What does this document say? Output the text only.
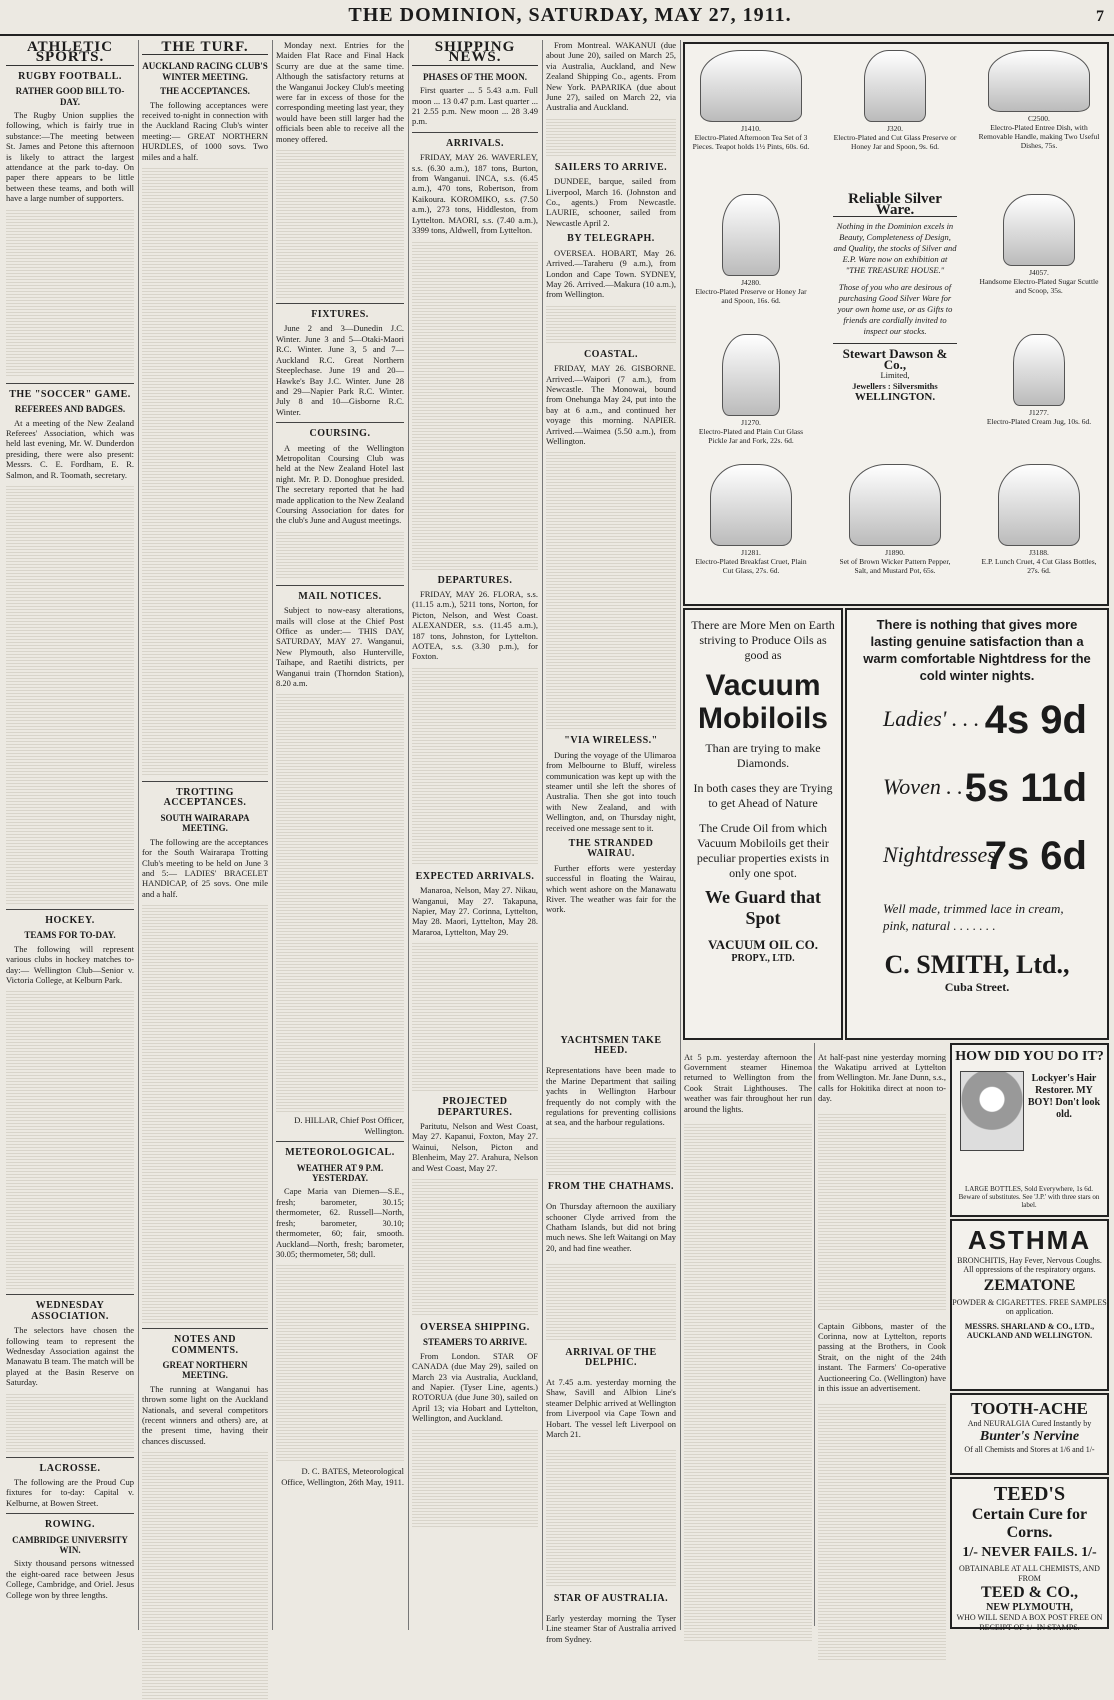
THE DOMINION, SATURDAY, MAY 27, 1911.	7
ATHLETIC SPORTS.
RUGBY FOOTBALL.
RATHER GOOD BILL TO-DAY.

The Rugby Union supplies the following, which is fairly true in substance:—The meeting between St. James and Petone this afternoon is likely to attract the largest attendance at the park to-day. On paper there appears to be little between these teams, and both will have a large number of supporters.

THE "SOCCER" GAME.
REFEREES AND BADGES.

At a meeting of the New Zealand Referees' Association, which was held last evening, Mr. W. Dunderdon presiding, there were also present: Messrs. C. E. Fordham, E. R. Salmon, and R. Toomath, secretary.

HOCKEY.
TEAMS FOR TO-DAY.

The following will represent various clubs in hockey matches to-day:— Wellington Club—Senior v. Victoria College, at Kelburn Park.

WEDNESDAY ASSOCIATION.

The selectors have chosen the following team to represent the Wednesday Association against the Manawatu B team. The match will be played at the Basin Reserve on Saturday.

LACROSSE.

The following are the Proud Cup fixtures for to-day: Capital v. Kelburne, at Bowen Street.

ROWING.
CAMBRIDGE UNIVERSITY WIN.

Sixty thousand persons witnessed the eight-oared race between Jesus College, Cambridge, and Oriel. Jesus College won by three lengths.

THE TURF.
AUCKLAND RACING CLUB'S WINTER MEETING.
THE ACCEPTANCES.

The following acceptances were received to-night in connection with the Auckland Racing Club's winter meeting:— GREAT NORTHERN HURDLES, of 1000 sovs. Two miles and a half.

TROTTING ACCEPTANCES.
SOUTH WAIRARAPA MEETING.

The following are the acceptances for the South Wairarapa Trotting Club's meeting to be held on June 3 and 5:— LADIES' BRACELET HANDICAP, of 25 sovs. One mile and a half.

NOTES AND COMMENTS.
GREAT NORTHERN MEETING.

The running at Wanganui has thrown some light on the Auckland Nationals, and several competitors (recent winners and others) are, at the present time, having their chances discussed.

Monday next. Entries for the Maiden Flat Race and Final Hack Scurry are due at the same time. Although the satisfactory returns at the Wanganui Jockey Club's meeting were far in excess of those for the corresponding meeting last year, they would have been still larger had the officials been able to receive all the money offered.

FIXTURES.

June 2 and 3—Dunedin J.C. Winter. June 3 and 5—Otaki-Maori R.C. Winter. June 3, 5 and 7—Auckland R.C. Great Northern Steeplechase. June 19 and 20—Hawke's Bay J.C. Winter. June 28 and 29—Napier Park R.C. Winter. July 8 and 10—Gisborne R.C. Winter.

COURSING.

A meeting of the Wellington Metropolitan Coursing Club was held at the New Zealand Hotel last night. Mr. P. D. Donoghue presided. The secretary reported that he had made application to the New Zealand Coursing Association for dates for the club's June and August meetings.

MAIL NOTICES.

Subject to now-easy alterations, mails will close at the Chief Post Office as under:— THIS DAY, SATURDAY, MAY 27. Wanganui, New Plymouth, also Hunterville, Taihape, and Raetihi districts, per Wanganui train (Thorndon Station), 8.20 a.m.

D. HILLAR, Chief Post Officer, Wellington.

METEOROLOGICAL.
WEATHER AT 9 P.M. YESTERDAY.

Cape Maria van Diemen—S.E., fresh; barometer, 30.15; thermometer, 62. Russell—North, fresh; barometer, 30.10; thermometer, 60; fair, smooth. Auckland—North, fresh; barometer, 30.05; thermometer, 58; dull.

D. C. BATES, Meteorological Office, Wellington, 26th May, 1911.

SHIPPING NEWS.
PHASES OF THE MOON.

First quarter ... 5 5.43 a.m. Full moon ... 13 0.47 p.m. Last quarter ... 21 2.55 p.m. New moon ... 28 3.49 p.m.

ARRIVALS.

FRIDAY, MAY 26. WAVERLEY, s.s. (6.30 a.m.), 187 tons, Burton, from Wanganui. INCA, s.s. (6.45 a.m.), 470 tons, Robertson, from Kaikoura. KOROMIKO, s.s. (7.50 a.m.), 273 tons, Hiddleston, from Lyttelton. MAORI, s.s. (7.40 a.m.), 3399 tons, Aldwell, from Lyttelton.

DEPARTURES.

FRIDAY, MAY 26. FLORA, s.s. (11.15 a.m.), 5211 tons, Norton, for Picton, Nelson, and West Coast. ALEXANDER, s.s. (11.45 a.m.), 187 tons, Johnston, for Lyttelton. AOTEA, s.s. (3.30 p.m.), for Foxton.

EXPECTED ARRIVALS.

Manaroa, Nelson, May 27. Nikau, Wanganui, May 27. Takapuna, Napier, May 27. Corinna, Lyttelton, May 28. Maori, Lyttelton, May 28. Mararoa, Lyttelton, May 29.

PROJECTED DEPARTURES.

Paritutu, Nelson and West Coast, May 27. Kapanui, Foxton, May 27. Wainui, Nelson, Picton and Blenheim, May 27. Arahura, Nelson and West Coast, May 27.

OVERSEA SHIPPING.
STEAMERS TO ARRIVE.

From London. STAR OF CANADA (due May 29), sailed on March 23 via Australia, Auckland, and Napier. (Tyser Line, agents.) ROTORUA (due June 30), sailed on April 13; via Hobart and Lyttelton, Wellington, and Auckland.

From Montreal. WAKANUI (due about June 20), sailed on March 25, via Australia, Auckland, and New Zealand Shipping Co., agents. From New York. PAPARIKA (due about June 27), sailed on March 22, via Australia and Auckland.

SAILERS TO ARRIVE.

DUNDEE, barque, sailed from Liverpool, March 16. (Johnston and Co., agents.) From Newcastle. LAURIE, schooner, sailed from Newcastle April 2.

BY TELEGRAPH.

OVERSEA. HOBART, May 26. Arrived.—Taraheru (9 a.m.), from London and Cape Town. SYDNEY, May 26. Arrived.—Makura (10 a.m.), from Wellington.

COASTAL.

FRIDAY, MAY 26. GISBORNE. Arrived.—Waipori (7 a.m.), from Newcastle. The Monowai, bound from Onehunga May 24, put into the bay at 6 a.m., and continued her voyage this morning. NAPIER. Arrived.—Waimea (5.50 a.m.), from Wellington.

"VIA WIRELESS."

During the voyage of the Ulimaroa from Melbourne to Bluff, wireless communication was kept up with the steamer until she left the shores of Australia. Then she got into touch with New Zealand, and with Wellington, and, on Thursday night, received one message sent to it.

THE STRANDED WAIRAU.

Further efforts were yesterday successful in floating the Wairau, which went ashore on the Manawatu River. The weather was fair for the work.

YACHTSMEN TAKE HEED.

Representations have been made to the Marine Department that sailing yachts in Wellington Harbour frequently do not comply with the regulations for preventing collisions at sea, and the harbour regulations.

FROM THE CHATHAMS.

On Thursday afternoon the auxiliary schooner Clyde arrived from the Chatham Islands, but did not bring much news. She left Waitangi on May 20, and had fine weather.

ARRIVAL OF THE DELPHIC.

At 7.45 a.m. yesterday morning the Shaw, Savill and Albion Line's steamer Delphic arrived at Wellington from Liverpool via Cape Town and Hobart. The vessel left Liverpool on March 21.

STAR OF AUSTRALIA.

Early yesterday morning the Tyser Line steamer Star of Australia arrived from Sydney.

At 5 p.m. yesterday afternoon the Government steamer Hinemoa returned to Wellington from the Cook Strait Lighthouses. The weather was fair throughout her run around the lights.

At half-past nine yesterday morning the Wakatipu arrived at Lyttelton from Wellington. Mr. Jane Dunn, s.s., calls for Hokitika direct at noon to-day.

Captain Gibbons, master of the Corinna, now at Lyttelton, reports passing at the Brothers, in Cook Strait, on the night of the 24th instant. The Farmers' Co-operative Auctioneering Co. (Wellington) have in this issue an advertisement.

J1410.
Electro-Plated Afternoon Tea Set of 3 Pieces. Teapot holds 1½ Pints, 60s. 6d.
J320.
Electro-Plated and Cut Glass Preserve or Honey Jar and Spoon, 9s. 6d.
C2500.
Electro-Plated Entree Dish, with Removable Handle, making Two Useful Dishes, 75s.
J4280.
Electro-Plated Preserve or Honey Jar and Spoon, 16s. 6d.
Reliable Silver Ware.
Nothing in the Dominion excels in Beauty, Completeness of Design, and Quality, the stocks of Silver and E.P. Ware now on exhibition at "THE TREASURE HOUSE."
Those of you who are desirous of purchasing Good Silver Ware for your own home use, or as Gifts to friends are cordially invited to inspect our stocks.
Stewart Dawson & Co.,
Limited,
Jewellers : Silversmiths
WELLINGTON.
J4057.
Handsome Electro-Plated Sugar Scuttle and Scoop, 35s.
J1270.
Electro-Plated and Plain Cut Glass Pickle Jar and Fork, 22s. 6d.
J1277.
Electro-Plated Cream Jug, 10s. 6d.
J1281.
Electro-Plated Breakfast Cruet, Plain Cut Glass, 27s. 6d.
J1890.
Set of Brown Wicker Pattern Pepper, Salt, and Mustard Pot, 65s.
J3188.
E.P. Lunch Cruet, 4 Cut Glass Bottles, 27s. 6d.
There are More Men on Earth striving to Produce Oils as good as
Vacuum Mobiloils
Than are trying to make Diamonds.
In both cases they are Trying to get Ahead of Nature
The Crude Oil from which Vacuum Mobiloils get their peculiar properties exists in only one spot.
We Guard that Spot
VACUUM OIL CO.
PROPY., LTD.
There is nothing that gives more lasting genuine satisfaction than a warm comfortable Nightdress for the cold winter nights.
Ladies' . . . 4s 9d
Woven . . .
5s 11d
Nightdresses
7s 6d
Well made, trimmed lace in cream, pink, natural . . . . . . .
C. SMITH, Ltd.,
Cuba Street.
HOW DID YOU DO IT?
Lockyer's Hair Restorer. MY BOY! Don't look old.
LARGE BOTTLES, Sold Everywhere, 1s 6d. Beware of substitutes. See 'J.P.' with three stars on label.
ASTHMA
BRONCHITIS, Hay Fever, Nervous Coughs. All oppressions of the respiratory organs.
ZEMATONE
POWDER & CIGARETTES. FREE SAMPLES on application.
MESSRS. SHARLAND & CO., LTD., AUCKLAND AND WELLINGTON.
TOOTH-ACHE
And NEURALGIA Cured Instantly by
Bunter's Nervine
Of all Chemists and Stores at 1/6 and 1/-
TEED'S
Certain Cure for Corns.
1/- NEVER FAILS. 1/-
OBTAINABLE AT ALL CHEMISTS, AND FROM
TEED & CO.,
NEW PLYMOUTH,
WHO WILL SEND A BOX POST FREE ON RECEIPT OF 1/- IN STAMPS.
